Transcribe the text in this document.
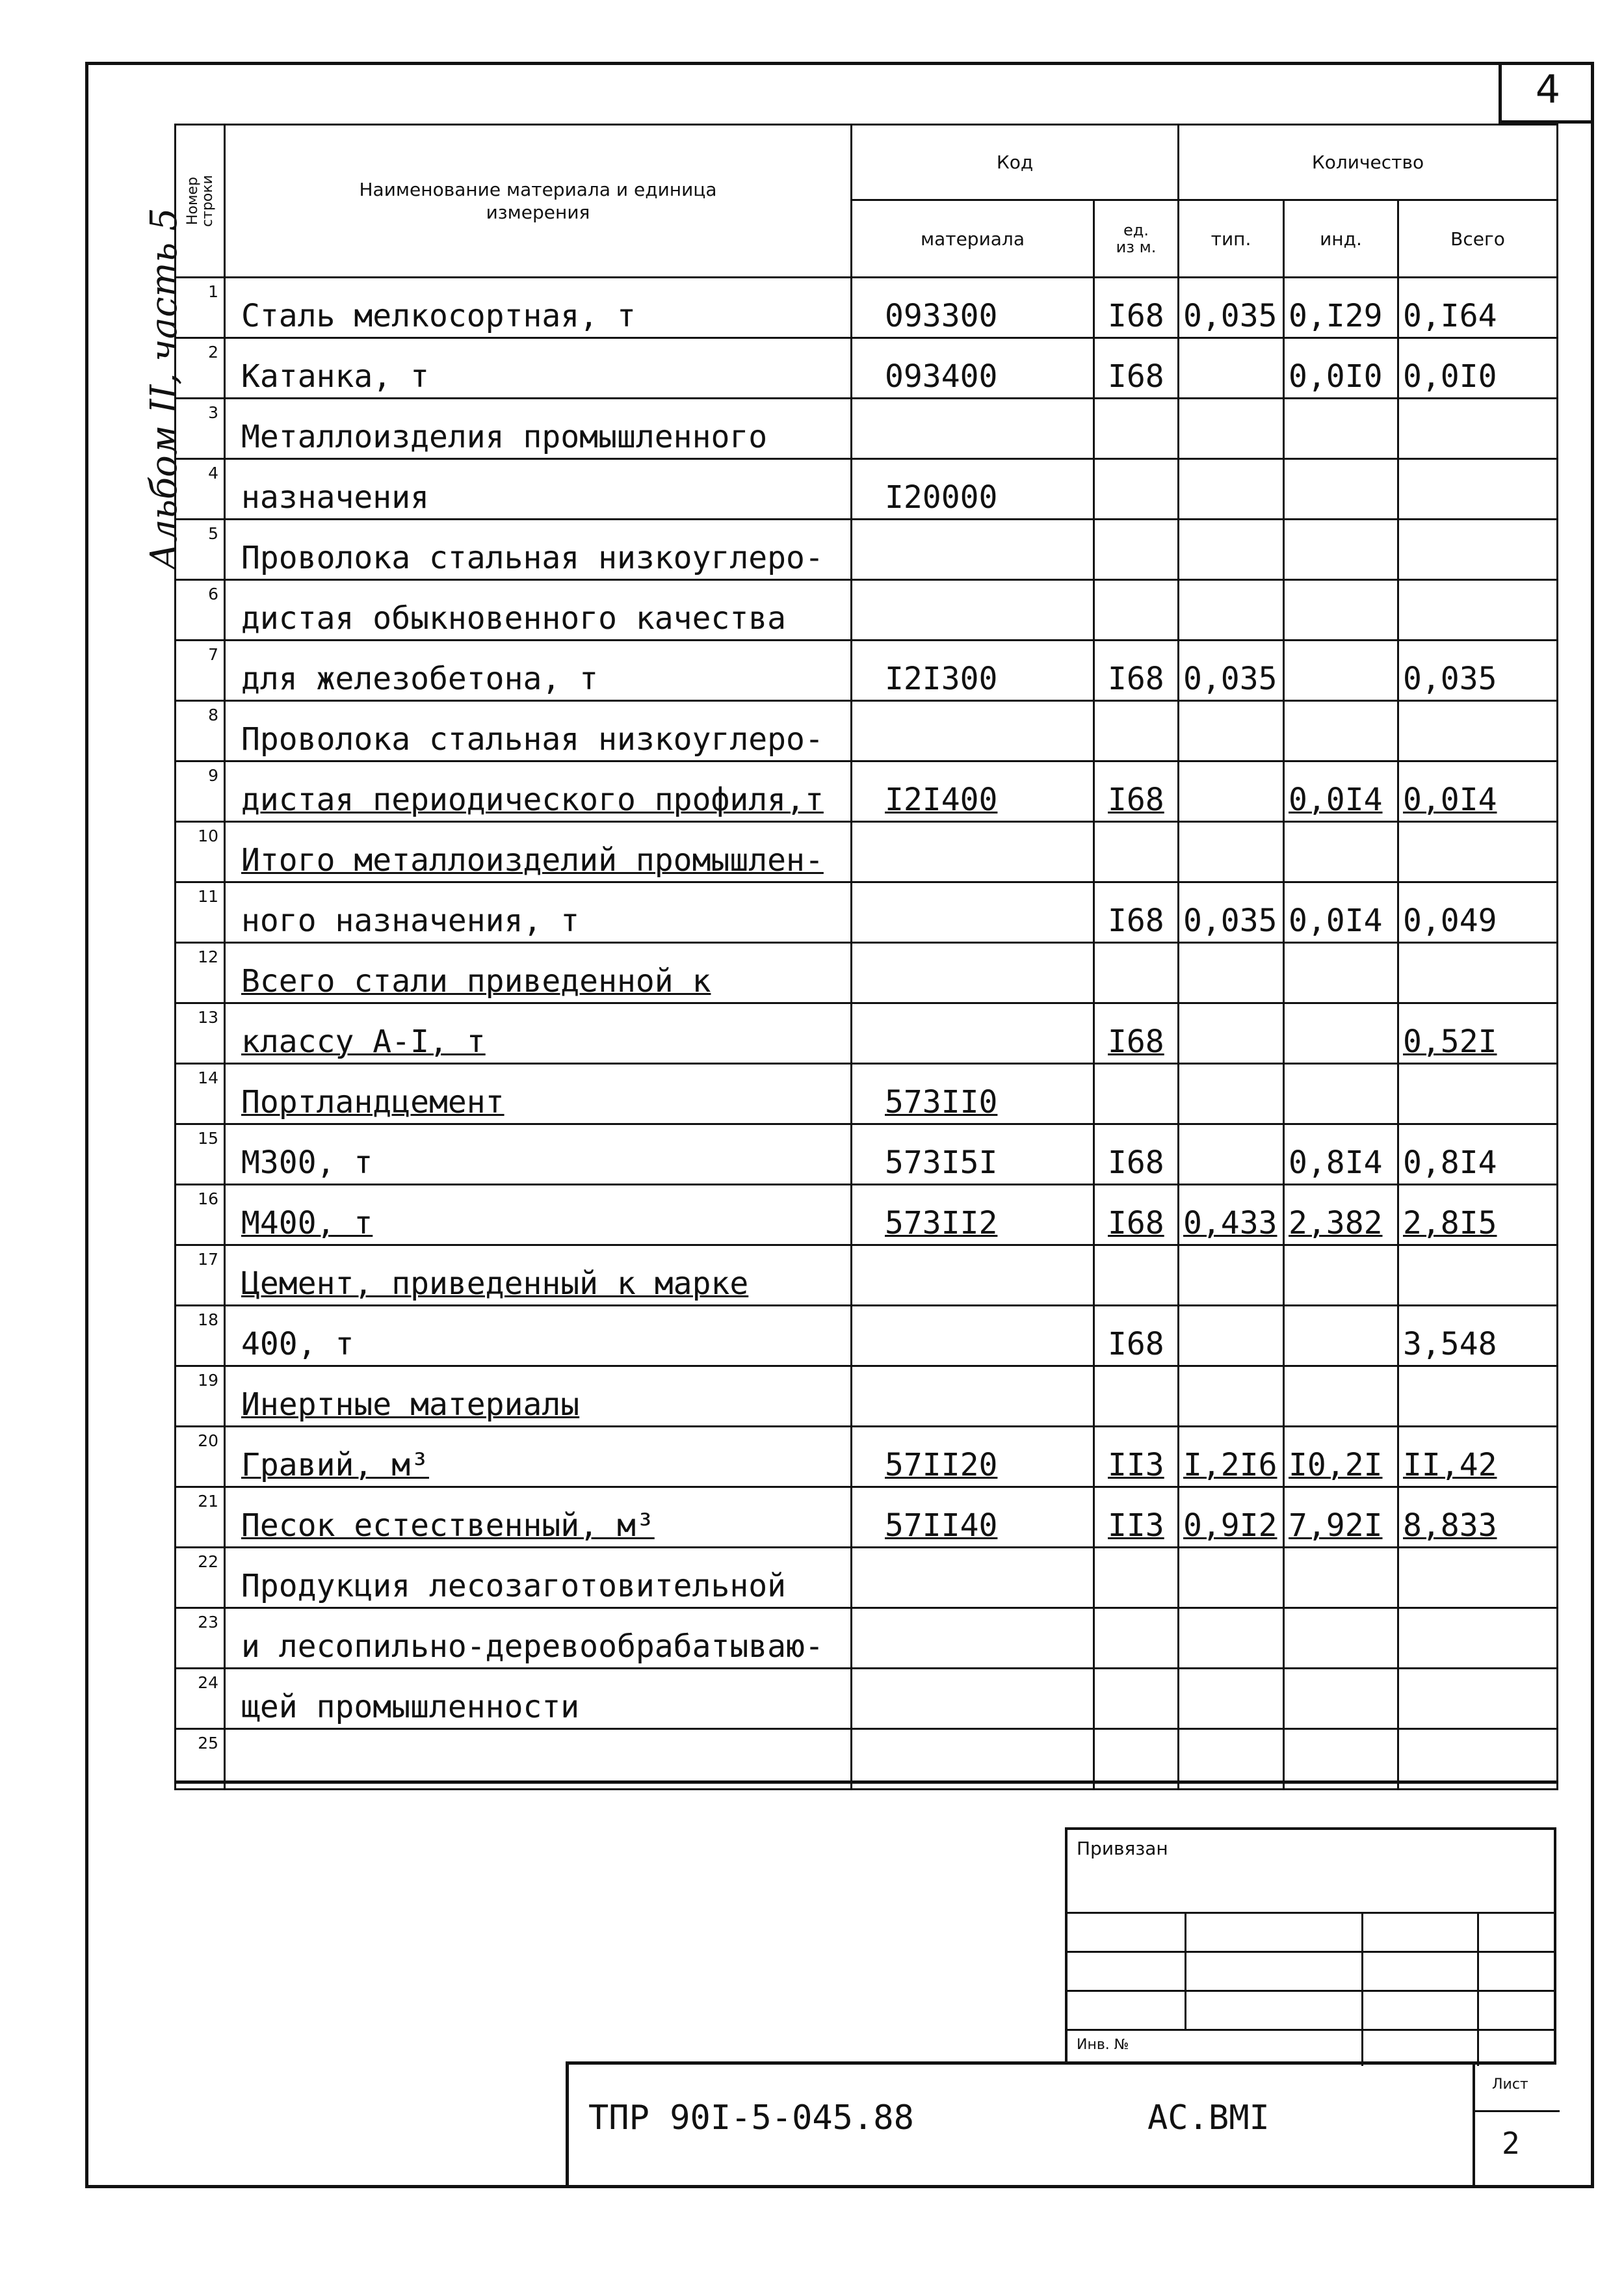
4
Альбом II, часть 5
Номер строки	Наименование материала и единица измерения	Код		Количество		
		материала	ед. из м.	тип.	инд.	Всего
1	Сталь мелкосортная, т	093300	I68	0,035	0,I29	0,I64
2	Катанка, т	093400	I68		0,0I0	0,0I0
3	Металлоизделия промышленного					
4	назначения	I20000				
5	Проволока стальная низкоуглеро-					
6	дистая обыкновенного качества					
7	для железобетона, т	I2I300	I68	0,035		0,035
8	Проволока стальная низкоуглеро-					
9	дистая периодического профиля,т	I2I400	I68		0,0I4	0,0I4
10	Итого металлоизделий промышлен-					
11	ного назначения, т		I68	0,035	0,0I4	0,049
12	Всего стали приведенной к					
13	классу А-I, т		I68			0,52I
14	Портландцемент	573II0				
15	М300, т	573I5I	I68		0,8I4	0,8I4
16	М400, т	573II2	I68	0,433	2,382	2,8I5
17	Цемент, приведенный к марке					
18	400, т		I68			3,548
19	Инертные материалы					
20	Гравий, м³	57II20	II3	I,2I6	I0,2I	II,42
21	Песок естественный, м³	57II40	II3	0,9I2	7,92I	8,833
22	Продукция лесозаготовительной					
23	и лесопильно-деревообрабатываю-					
24	щей промышленности					
25						
Привязан
Инв. №
ТПР 90I-5-045.88	АС.ВМI
Лист
2
